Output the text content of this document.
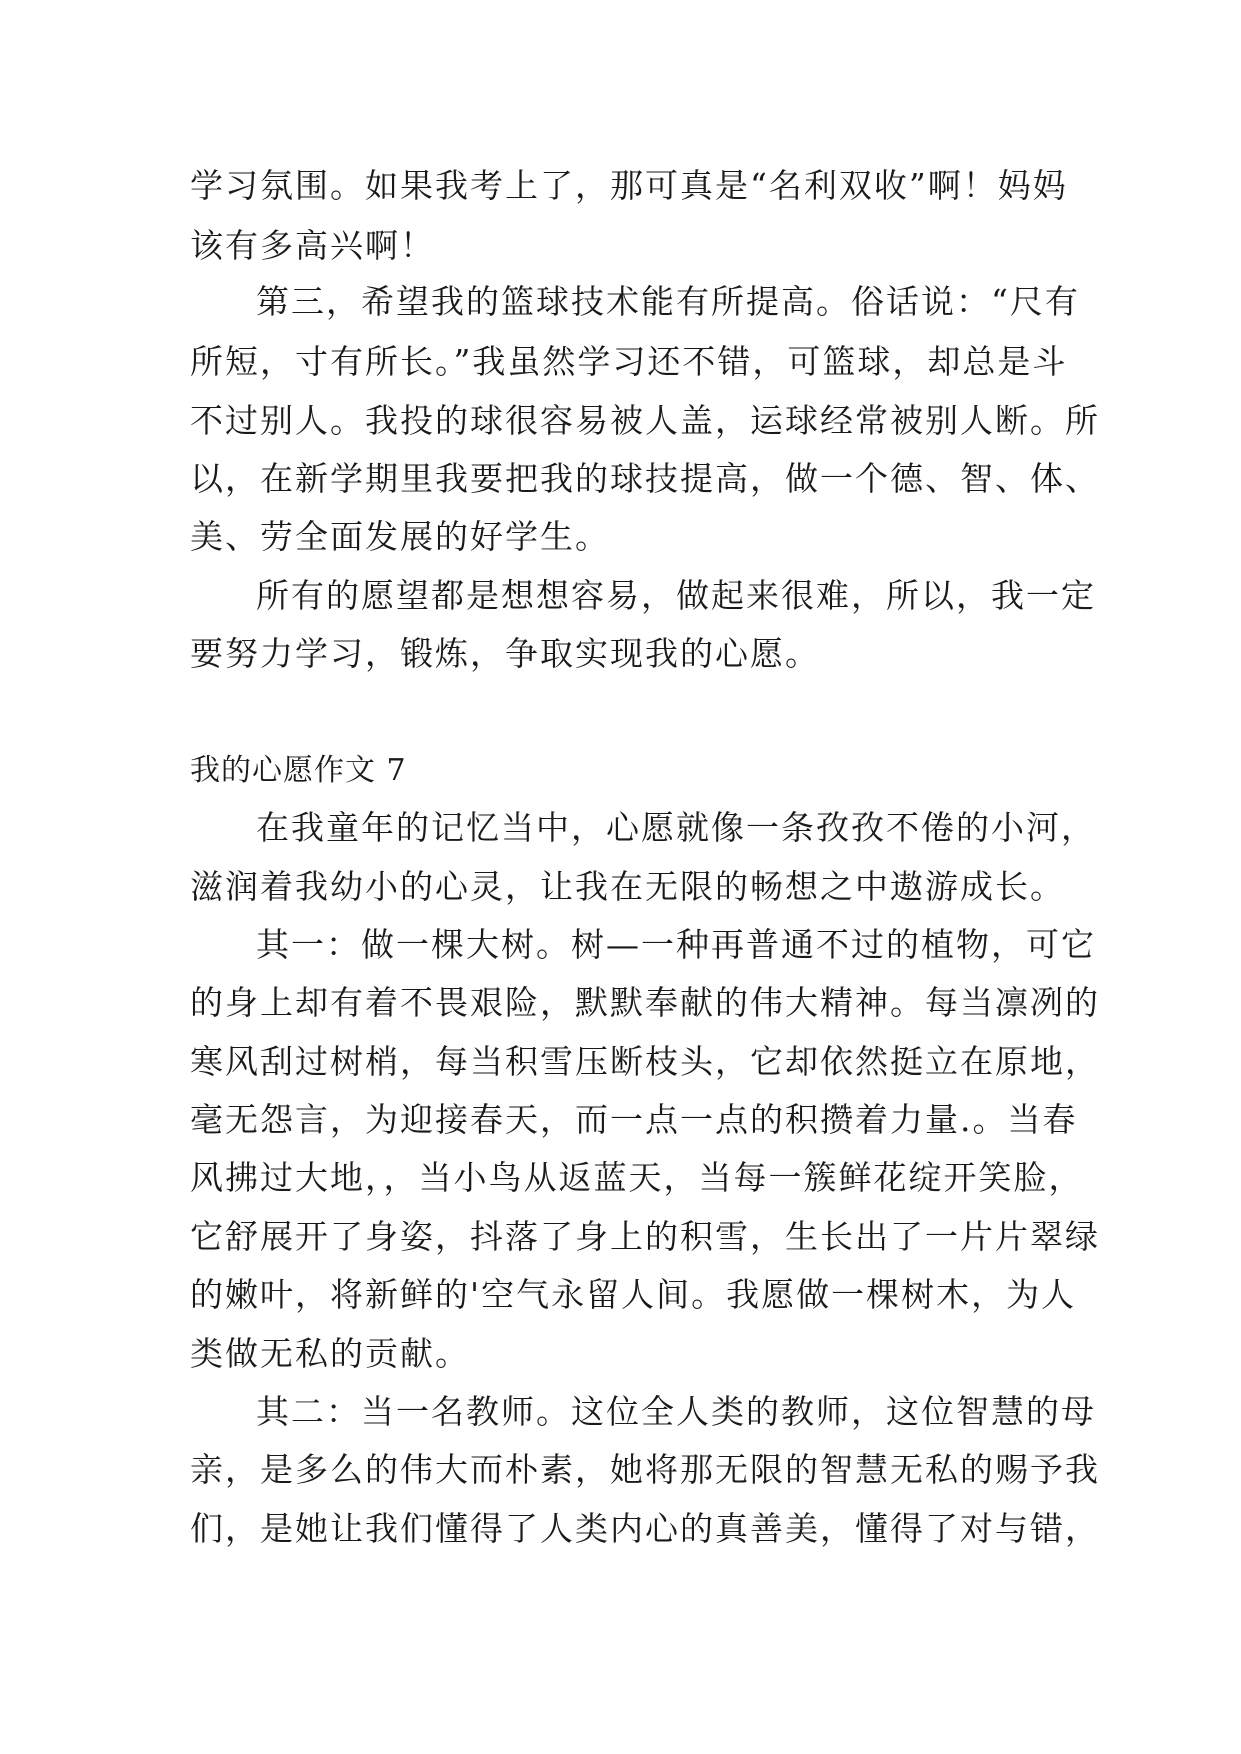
学习氛围。如果我考上了，那可真是“名利双收”啊！妈妈

该有多高兴啊！

第三，希望我的篮球技术能有所提高。俗话说：“尺有

所短，寸有所长。”我虽然学习还不错，可篮球，却总是斗

不过别人。我投的球很容易被人盖，运球经常被别人断。所

以，在新学期里我要把我的球技提高，做一个德、智、体、

美、劳全面发展的好学生。

所有的愿望都是想想容易，做起来很难，所以，我一定

要努力学习，锻炼，争取实现我的心愿。

我的心愿作文 7

在我童年的记忆当中，心愿就像一条孜孜不倦的小河，

滋润着我幼小的心灵，让我在无限的畅想之中遨游成长。

其一：做一棵大树。树—一种再普通不过的植物，可它

的身上却有着不畏艰险，默默奉献的伟大精神。每当凛冽的

寒风刮过树梢，每当积雪压断枝头，它却依然挺立在原地，

毫无怨言，为迎接春天，而一点一点的积攒着力量.。当春

风拂过大地，，当小鸟从返蓝天，当每一簇鲜花绽开笑脸，

它舒展开了身姿，抖落了身上的积雪，生长出了一片片翠绿

的嫩叶，将新鲜的'空气永留人间。我愿做一棵树木，为人

类做无私的贡献。

其二：当一名教师。这位全人类的教师，这位智慧的母

亲，是多么的伟大而朴素，她将那无限的智慧无私的赐予我

们，是她让我们懂得了人类内心的真善美，懂得了对与错，
